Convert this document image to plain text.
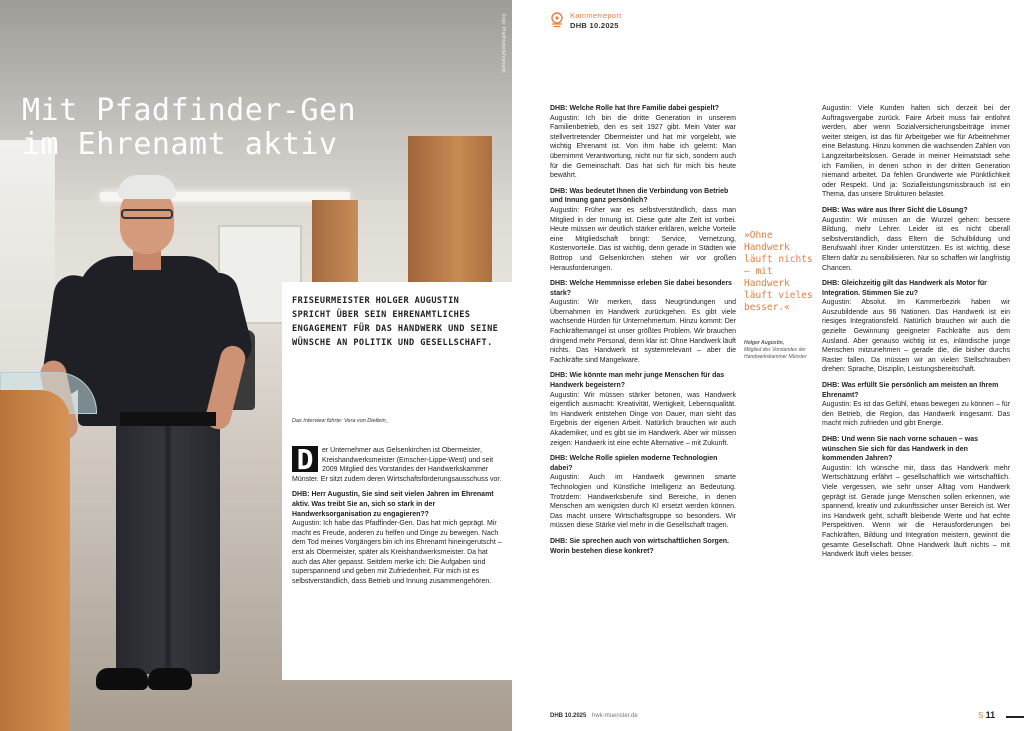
Foto: Pfadfinder/Ehrenamt
Mit Pfadfinder-Gen
im Ehrenamt aktiv

FRISEURMEISTER HOLGER AUGUSTIN SPRICHT ÜBER SEIN EHRENAMTLICHES ENGAGEMENT FÜR DAS HANDWERK UND SEINE WÜNSCHE AN POLITIK UND GESELLSCHAFT.

Das Interview führte: Vera von Dietlein_
D	er Unternehmer aus Gelsenkirchen ist Obermeister, Kreishandwerksmeister (Emscher-Lippe-West) und seit 2009 Mitglied des Vorstandes der Handwerkskammer Münster. Er sitzt zudem deren Wirtschaftsförderungsausschuss vor.
DHB: Herr Augustin, Sie sind seit vielen Jahren im Ehrenamt aktiv. Was treibt Sie an, sich so stark in der Handwerksorganisation zu engagieren??
Augustin: Ich habe das Pfadfinder-Gen. Das hat mich geprägt. Mir macht es Freude, anderen zu helfen und Dinge zu bewegen. Nach dem Tod meines Vorgängers bin ich ins Ehrenamt hineingerutscht – erst als Obermeister, später als Kreishandwerksmeister. Da hat auch das Alter gepasst. Seitdem merke ich: Die Aufgaben sind superspannend und geben mir Zufriedenheit. Für mich ist es selbstverständlich, dass Betrieb und Innung zusammengehören.
Kammerreport
DHB 10.2025
DHB: Welche Rolle hat Ihre Familie dabei gespielt?
Augustin: Ich bin die dritte Generation in unserem Familienbetrieb, den es seit 1927 gibt. Mein Vater war stellvertretender Obermeister und hat mir vorgelebt, wie wichtig Ehrenamt ist. Von ihm habe ich gelernt: Man übernimmt Verantwortung, nicht nur für sich, sondern auch für die Gemeinschaft. Das hat sich für mich bis heute bewährt.
DHB: Was bedeutet Ihnen die Verbindung von Betrieb und Innung ganz persönlich?
Augustin: Früher war es selbstverständlich, dass man Mitglied in der Innung ist. Diese gute alte Zeit ist vorbei. Heute müssen wir deutlich stärker erklären, welche Vorteile eine Mitgliedschaft bringt: Service, Vernetzung, Kostenvorteile. Das ist wichtig, denn gerade in Städten wie Bottrop und Gelsenkirchen stehen wir vor großen Herausforderungen.
DHB: Welche Hemmnisse erleben Sie dabei besonders stark?
Augustin: Wir merken, dass Neugründungen und Übernahmen im Handwerk zurückgehen. Es gibt viele wachsende Hürden für Unternehmertum. Hinzu kommt: Der Fachkräftemangel ist unser größtes Problem. Wir brauchen dringend mehr Personal, denn klar ist: Ohne Handwerk läuft nichts. Das Handwerk ist systemrelevant – aber die Fachkräfte sind Mangelware.
DHB: Wie könnte man mehr junge Menschen für das Handwerk begeistern?
Augustin: Wir müssen stärker betonen, was Handwerk eigentlich ausmacht: Kreativität, Wertigkeit, Lebensqualität. Im Handwerk entstehen Dinge von Dauer, man sieht das Ergebnis der eigenen Arbeit. Natürlich brauchen wir auch Akademiker, und es gibt sie im Handwerk. Aber wir müssen zeigen: Handwerk ist eine echte Alternative – mit Zukunft.
DHB: Welche Rolle spielen moderne Technologien dabei?
Augustin: Auch im Handwerk gewinnen smarte Technologien und Künstliche Intelligenz an Bedeutung. Trotzdem: Handwerksberufe sind Bereiche, in denen Menschen am wenigsten durch KI ersetzt werden können. Das macht unsere Wirtschaftsgruppe so besonders. Wir müssen diese Stärke viel mehr in die Gesellschaft tragen.
DHB: Sie sprechen auch von wirtschaftlichen Sorgen. Worin bestehen diese konkret?

»Ohne Handwerk läuft nichts – mit Handwerk läuft vieles besser.«

Holger Augustin,
Mitglied des Vorstandes der Handwerkskammer Münster
Augustin: Viele Kunden halten sich derzeit bei der Auftragsvergabe zurück. Faire Arbeit muss fair entlohnt werden, aber wenn Sozialversicherungsbeiträge immer weiter steigen, ist das für Arbeitgeber wie für Arbeitnehmer eine Belastung. Hinzu kommen die wachsenden Zahlen von Langzeitarbeitslosen. Gerade in meiner Heimatstadt sehe ich Familien, in denen schon in der dritten Generation niemand arbeitet. Da fehlen Grundwerte wie Pünktlichkeit oder Respekt. Und ja: Sozialleistungsmissbrauch ist ein Thema, das unsere Strukturen belastet.
DHB: Was wäre aus Ihrer Sicht die Lösung?
Augustin: Wir müssen an die Wurzel gehen: bessere Bildung, mehr Lehrer. Leider ist es nicht überall selbstverständlich, dass Eltern die Schulbildung und Berufswahl ihrer Kinder unterstützen. Es ist wichtig, diese Eltern dafür zu sensibilisieren. Nur so schaffen wir langfristig Chancen.
DHB: Gleichzeitig gilt das Handwerk als Motor für Integration. Stimmen Sie zu?
Augustin: Absolut. Im Kammerbezirk haben wir Auszubildende aus 96 Nationen. Das Handwerk ist ein riesiges Integrationsfeld. Natürlich brauchen wir auch die gezielte Gewinnung geeigneter Fachkräfte aus dem Ausland. Aber genauso wichtig ist es, inländische junge Menschen mitzunehmen – gerade die, die bisher durchs Raster fallen. Da müssen wir an vielen Stellschrauben drehen: Sprache, Disziplin, Leistungsbereitschaft.
DHB: Was erfüllt Sie persönlich am meisten an Ihrem Ehrenamt?
Augustin: Es ist das Gefühl, etwas bewegen zu können – für den Betrieb, die Region, das Handwerk insgesamt. Das macht mich zufrieden und gibt Energie.
DHB: Und wenn Sie nach vorne schauen – was wünschen Sie sich für das Handwerk in den kommenden Jahren?
Augustin: Ich wünsche mir, dass das Handwerk mehr Wertschätzung erfährt – gesellschaftlich wie wirtschaftlich. Viele vergessen, wie sehr unser Alltag vom Handwerk geprägt ist. Gerade junge Menschen sollen erkennen, wie spannend, kreativ und zukunftssicher unser Bereich ist. Wer ins Handwerk geht, schafft bleibende Werte und hat echte Perspektiven. Wenn wir die Herausforderungen bei Fachkräften, Bildung und Integration meistern, gewinnt die gesamte Gesellschaft. Ohne Handwerk läuft nichts – mit Handwerk läuft vieles besser.
DHB 10.2025 hwk-muenster.de	S 11
